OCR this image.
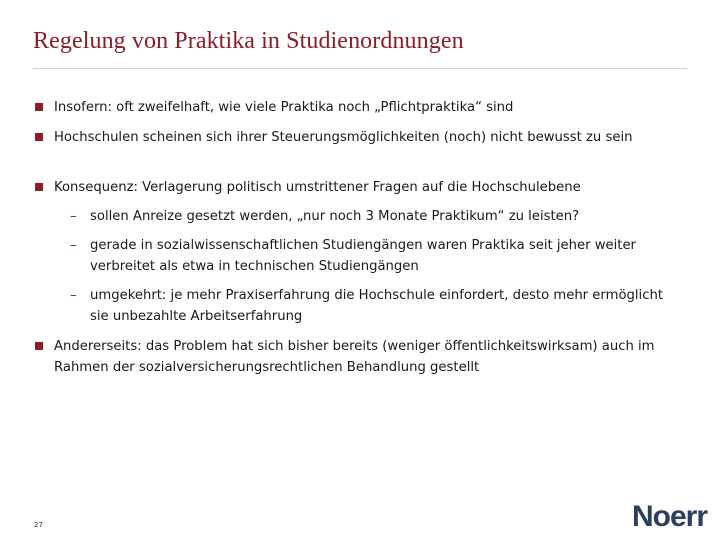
Regelung von Praktika in Studienordnungen
Insofern: oft zweifelhaft, wie viele Praktika noch „Pflichtpraktika“ sind
Hochschulen scheinen sich ihrer Steuerungsmöglichkeiten (noch) nicht bewusst zu sein
Konsequenz: Verlagerung politisch umstrittener Fragen auf die Hochschulebene
– sollen Anreize gesetzt werden, „nur noch 3 Monate Praktikum“ zu leisten?
– gerade in sozialwissenschaftlichen Studiengängen waren Praktika seit jeher weiter verbreitet als etwa in technischen Studiengängen
– umgekehrt: je mehr Praxiserfahrung die Hochschule einfordert, desto mehr ermöglicht sie unbezahlte Arbeitserfahrung
Andererseits: das Problem hat sich bisher bereits (weniger öffentlichkeitswirksam) auch im Rahmen der sozialversicherungsrechtlichen Behandlung gestellt
27	Noerr
